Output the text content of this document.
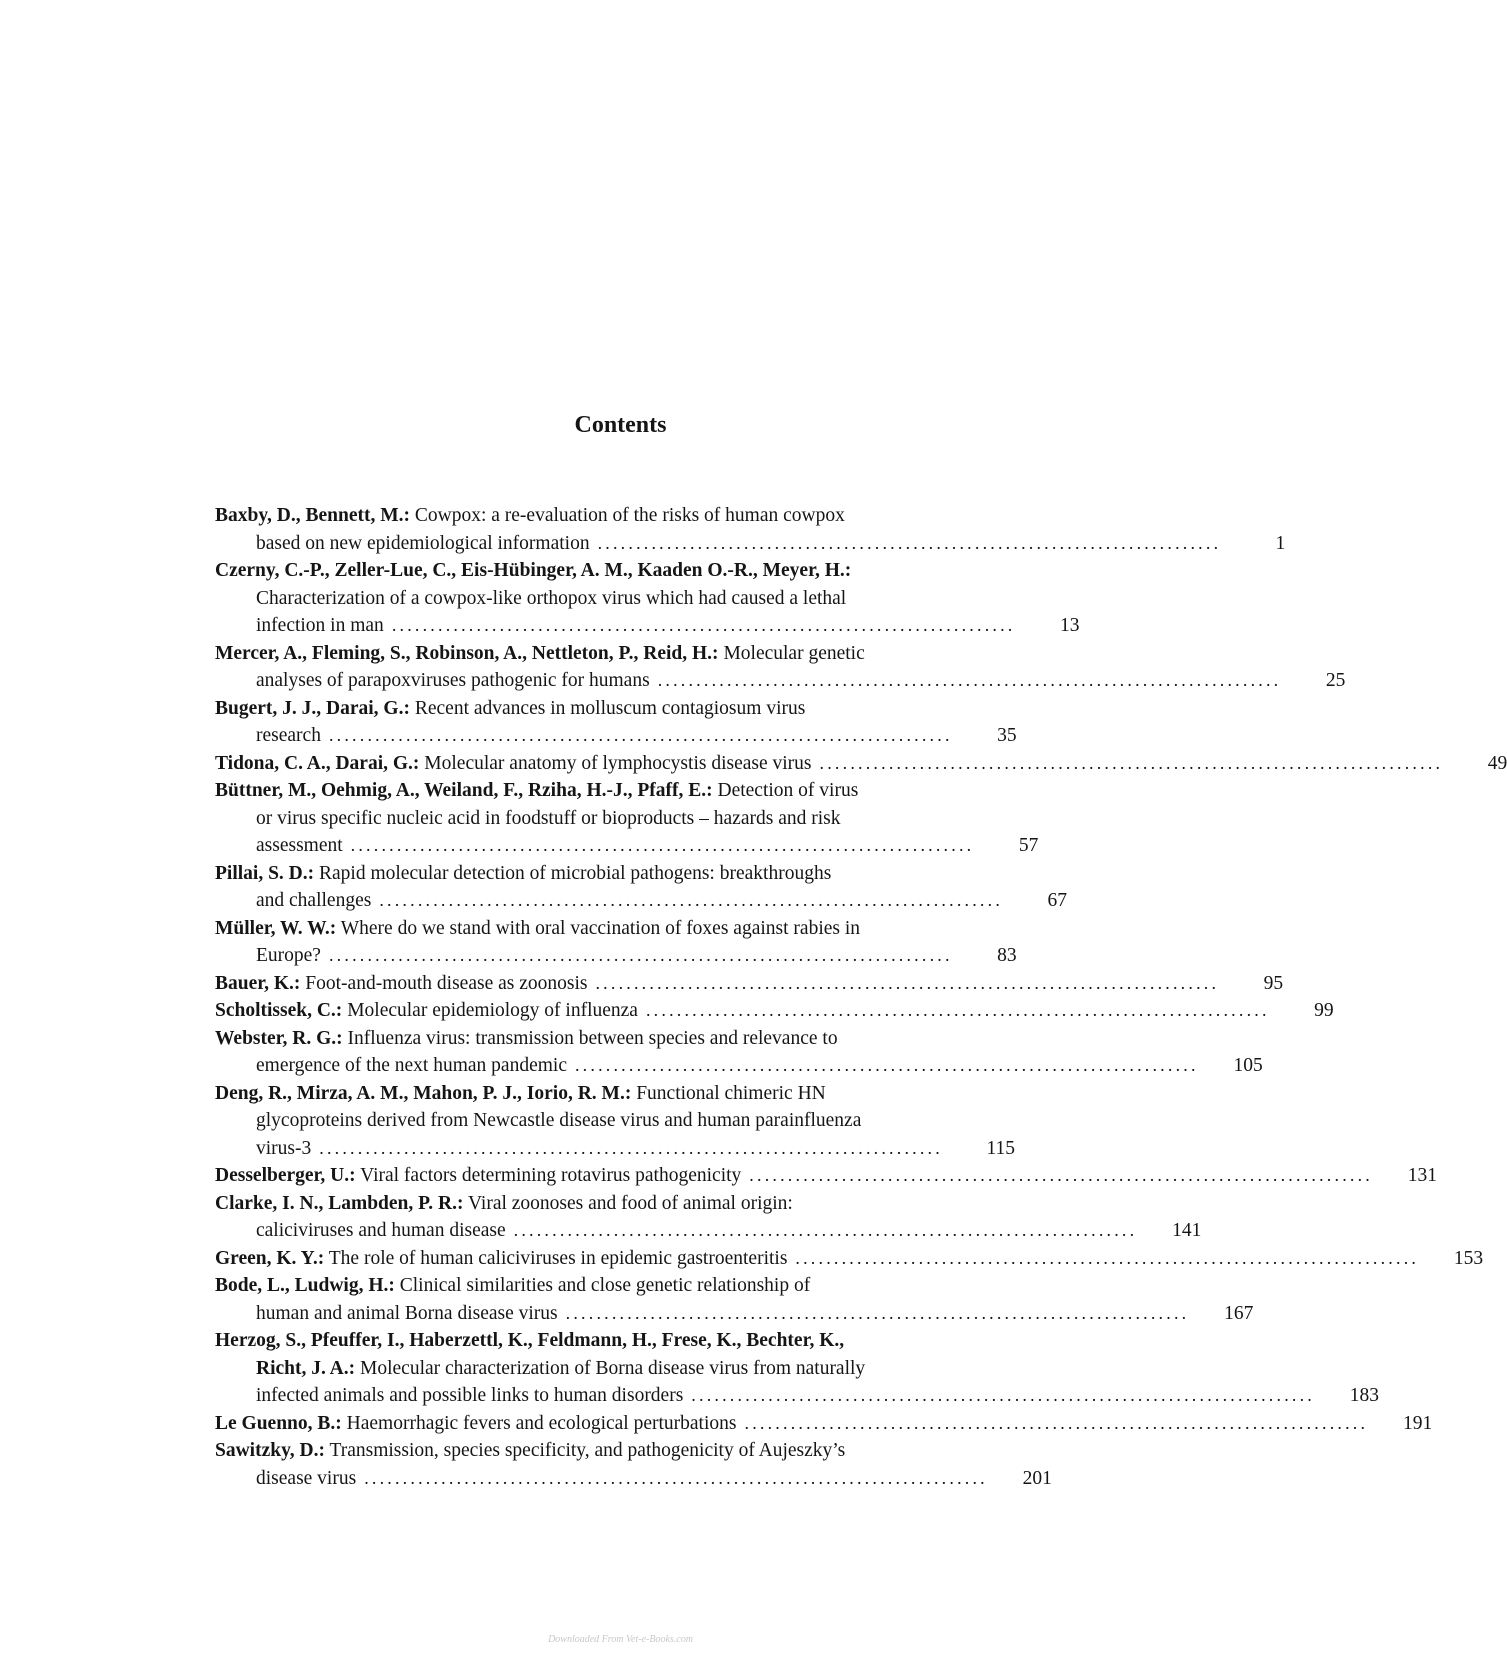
Contents
Baxby, D., Bennett, M.: Cowpox: a re-evaluation of the risks of human cowpox
based on new epidemiological information .................................................................................	1
Czerny, C.-P., Zeller-Lue, C., Eis-Hübinger, A. M., Kaaden O.-R., Meyer, H.:
Characterization of a cowpox-like orthopox virus which had caused a lethal
infection in man .................................................................................	13
Mercer, A., Fleming, S., Robinson, A., Nettleton, P., Reid, H.: Molecular genetic
analyses of parapoxviruses pathogenic for humans .................................................................................	25
Bugert, J. J., Darai, G.: Recent advances in molluscum contagiosum virus
research .................................................................................	35
Tidona, C. A., Darai, G.: Molecular anatomy of lymphocystis disease virus .................................................................................	49
Büttner, M., Oehmig, A., Weiland, F., Rziha, H.-J., Pfaff, E.: Detection of virus
or virus specific nucleic acid in foodstuff or bioproducts – hazards and risk
assessment .................................................................................	57
Pillai, S. D.: Rapid molecular detection of microbial pathogens: breakthroughs
and challenges .................................................................................	67
Müller, W. W.: Where do we stand with oral vaccination of foxes against rabies in
Europe? .................................................................................	83
Bauer, K.: Foot-and-mouth disease as zoonosis .................................................................................	95
Scholtissek, C.: Molecular epidemiology of influenza .................................................................................	99
Webster, R. G.: Influenza virus: transmission between species and relevance to
emergence of the next human pandemic .................................................................................	105
Deng, R., Mirza, A. M., Mahon, P. J., Iorio, R. M.: Functional chimeric HN
glycoproteins derived from Newcastle disease virus and human parainfluenza
virus-3 .................................................................................	115
Desselberger, U.: Viral factors determining rotavirus pathogenicity .................................................................................	131
Clarke, I. N., Lambden, P. R.: Viral zoonoses and food of animal origin:
caliciviruses and human disease .................................................................................	141
Green, K. Y.: The role of human caliciviruses in epidemic gastroenteritis .................................................................................	153
Bode, L., Ludwig, H.: Clinical similarities and close genetic relationship of
human and animal Borna disease virus .................................................................................	167
Herzog, S., Pfeuffer, I., Haberzettl, K., Feldmann, H., Frese, K., Bechter, K.,
Richt, J. A.: Molecular characterization of Borna disease virus from naturally
infected animals and possible links to human disorders .................................................................................	183
Le Guenno, B.: Haemorrhagic fevers and ecological perturbations .................................................................................	191
Sawitzky, D.: Transmission, species specificity, and pathogenicity of Aujeszky’s
disease virus .................................................................................	201
Downloaded From Vet-e-Books.com
